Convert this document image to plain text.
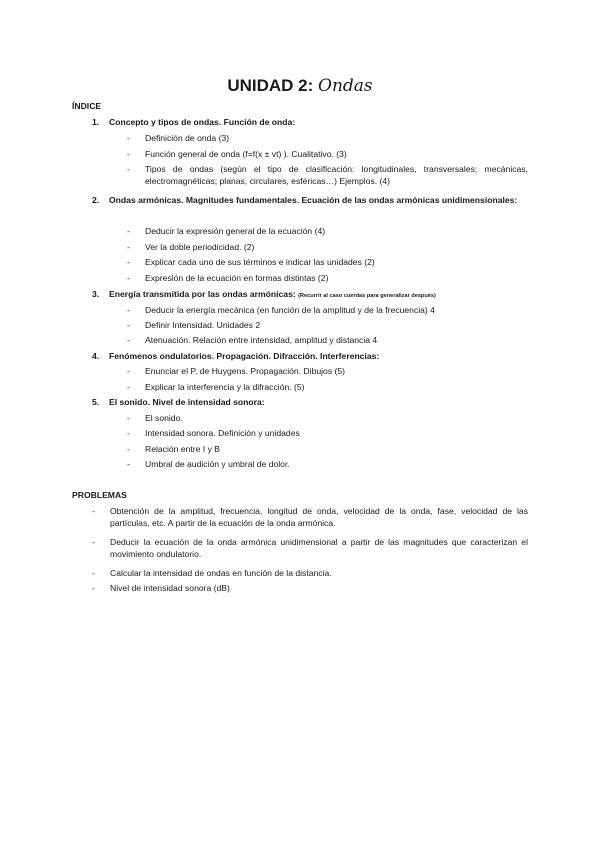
UNIDAD 2: Ondas
ÍNDICE
1. Concepto y tipos de ondas. Función de onda:
- Definición de onda (3)
- Función general de onda (f=f(x ± vt) ). Cualitativo. (3)
- Tipos de ondas (según el tipo de clasificación: longitudinales, transversales; mecánicas, electromagnéticas; planas, circulares, esféricas…) Ejemplos. (4)
2. Ondas armónicas. Magnitudes fundamentales. Ecuación de las ondas armónicas unidimensionales:
- Deducir la expresión general de la ecuación (4)
- Ver la doble periodicidad. (2)
- Explicar cada uno de sus términos e indicar las unidades (2)
- Expresión de la ecuación en formas distintas (2)
3. Energía transmitida por las ondas armónicas: (Recurrir al caso cuerdas para generalizar después)
- Deducir la energía mecánica (en función de la amplitud y de la frecuencia) 4
- Definir Intensidad. Unidades 2
- Atenuación. Relación entre intensidad, amplitud y distancia 4
4. Fenómenos ondulatorios. Propagación. Difracción. Interferencias:
- Enunciar el P. de Huygens. Propagación. Dibujos (5)
- Explicar la interferencia y la difracción. (5)
5. El sonido. Nivel de intensidad sonora:
- El sonido.
- Intensidad sonora. Definición y unidades
- Relación entre I y B
- Umbral de audición y umbral de dolor.
PROBLEMAS
- Obtención de la amplitud, frecuencia, longitud de onda, velocidad de la onda, fase, velocidad de las partículas, etc. A partir de la ecuación de la onda armónica.
- Deducir la ecuación de la onda armónica unidimensional a partir de las magnitudes que caracterizan el movimiento ondulatorio.
- Calcular la intensidad de ondas en función de la distancia.
- Nivel de intensidad sonora (dB)
